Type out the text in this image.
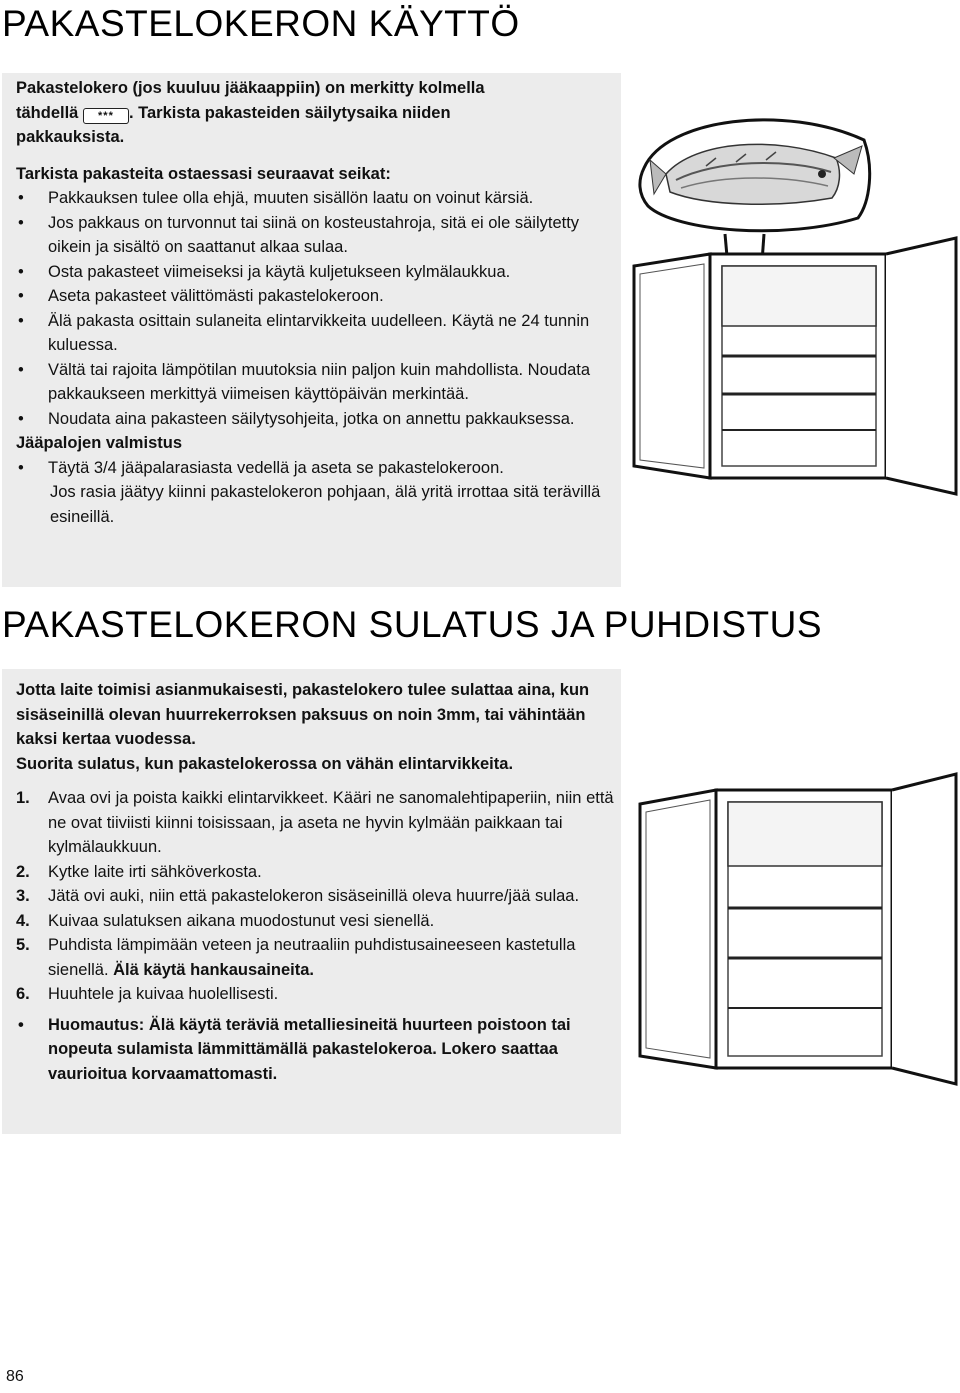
PAKASTELOKERON KÄYTTÖ

Pakastelokero (jos kuuluu jääkaappiin) on merkitty kolmella

tähdellä *** . Tarkista pakasteiden säilytysaika niiden

pakkauksista.

Tarkista pakasteita ostaessasi seuraavat seikat:

• Pakkauksen tulee olla ehjä, muuten sisällön laatu on voinut kärsiä.
• Jos pakkaus on turvonnut tai siinä on kosteustahroja, sitä ei ole säilytetty oikein ja sisältö on saattanut alkaa sulaa.
• Osta pakasteet viimeiseksi ja käytä kuljetukseen kylmälaukkua.
• Aseta pakasteet välittömästi pakastelokeroon.
• Älä pakasta osittain sulaneita elintarvikkeita uudelleen. Käytä ne 24 tunnin kuluessa.
• Vältä tai rajoita lämpötilan muutoksia niin paljon kuin mahdollista. Noudata pakkaukseen merkittyä viimeisen käyttöpäivän merkintää.
• Noudata aina pakasteen säilytysohjeita, jotka on annettu pakkauksessa.

Jääpalojen valmistus

• Täytä 3/4 jääpalarasiasta vedellä ja aseta se pakastelokeroon.

Jos rasia jäätyy kiinni pakastelokeron pohjaan, älä yritä irrottaa sitä terävillä esineillä.

PAKASTELOKERON SULATUS JA PUHDISTUS

Jotta laite toimisi asianmukaisesti, pakastelokero tulee sulattaa aina, kun sisäseinillä olevan huurrekerroksen paksuus on noin 3mm, tai vähintään kaksi kertaa vuodessa.

Suorita sulatus, kun pakastelokerossa on vähän elintarvikkeita.

1. Avaa ovi ja poista kaikki elintarvikkeet. Kääri ne sanomalehtipaperiin, niin että ne ovat tiiviisti kiinni toisissaan, ja aseta ne hyvin kylmään paikkaan tai kylmälaukkuun.
2. Kytke laite irti sähköverkosta.
3. Jätä ovi auki, niin että pakastelokeron sisäseinillä oleva huurre/jää sulaa.
4. Kuivaa sulatuksen aikana muodostunut vesi sienellä.
5. Puhdista lämpimään veteen ja neutraaliin puhdistusaineeseen kastetulla sienellä. Älä käytä hankausaineita.
6. Huuhtele ja kuivaa huolellisesti.
• Huomautus: Älä käytä teräviä metalliesineitä huurteen poistoon tai nopeuta sulamista lämmittämällä pakastelokeroa. Lokero saattaa vaurioitua korvaamattomasti.
86
